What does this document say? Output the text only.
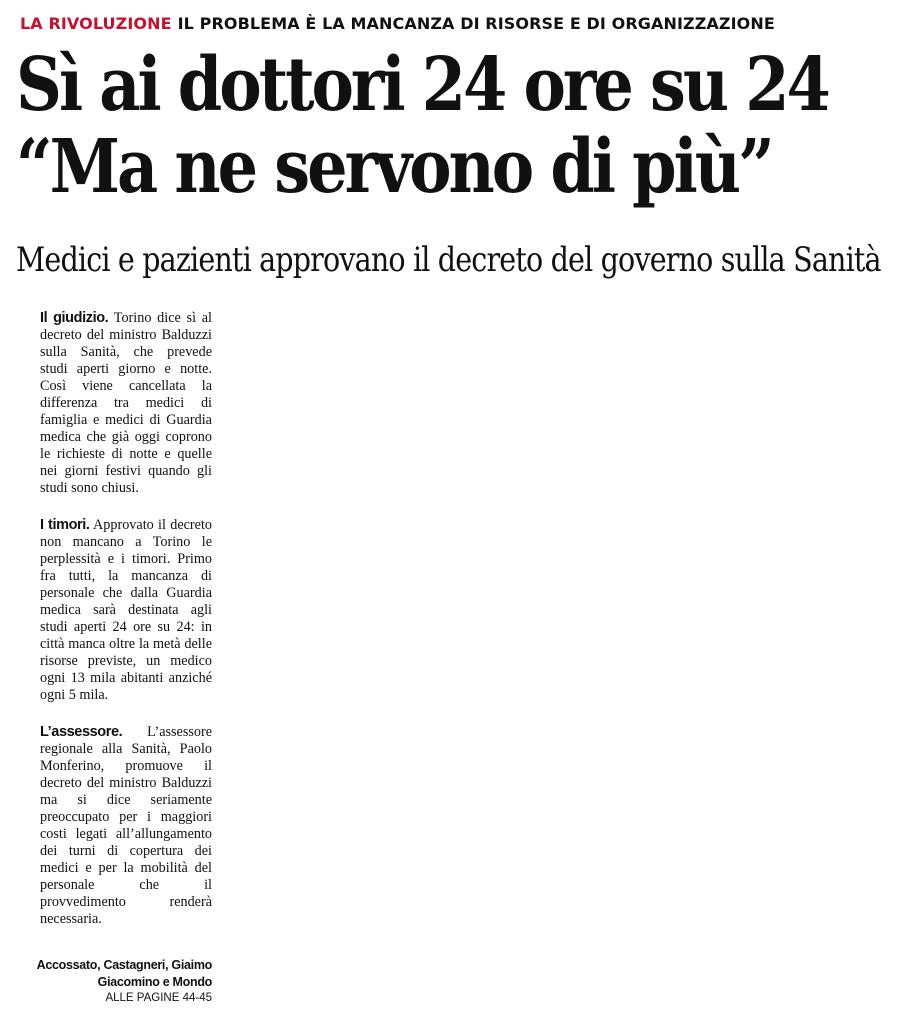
LA RIVOLUZIONE IL PROBLEMA È LA MANCANZA DI RISORSE E DI ORGANIZZAZIONE
Sì ai dottori 24 ore su 24
“Ma ne servono di più”
Medici e pazienti approvano il decreto del governo sulla Sanità

Il giudizio. Torino dice sì al decreto del ministro Balduzzi sulla Sanità, che prevede studi aperti giorno e notte. Così viene cancellata la differenza tra medici di famiglia e medici di Guardia medica che già oggi coprono le richieste di notte e quelle nei giorni festivi quando gli studi sono chiusi.

I timori. Approvato il decreto non mancano a Torino le perplessità e i timori. Primo fra tutti, la mancanza di personale che dalla Guardia medica sarà destinata agli studi aperti 24 ore su 24: in città manca oltre la metà delle risorse previste, un medico ogni 13 mila abitanti anziché ogni 5 mila.

L’assessore. L’assessore regionale alla Sanità, Paolo Monferino, promuove il decreto del ministro Balduzzi ma si dice seriamente preoccupato per i maggiori costi legati all’allungamento dei turni di copertura dei medici e per la mobilità del personale che il provvedimento renderà necessaria.

Accossato, Castagneri, Giaimo
Giacomino e Mondo
ALLE PAGINE 44-45
